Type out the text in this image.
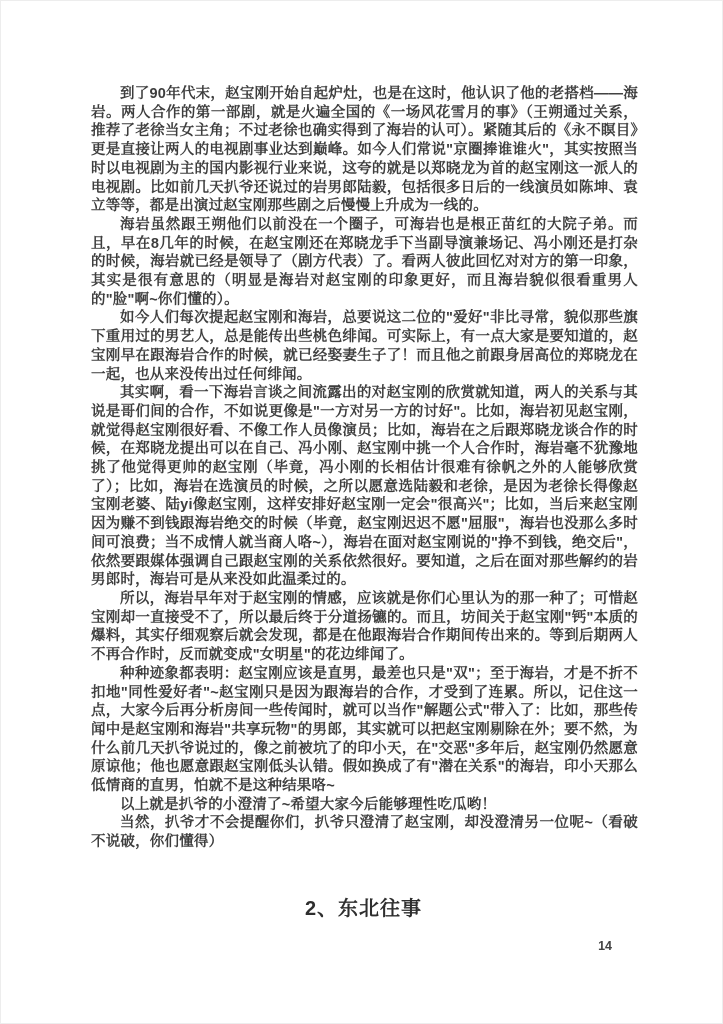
到了90年代末，赵宝刚开始自起炉灶，也是在这时，他认识了他的老搭档——海岩。两人合作的第一部剧，就是火遍全国的《一场风花雪月的事》（王朔通过关系，推荐了老徐当女主角；不过老徐也确实得到了海岩的认可）。紧随其后的《永不瞑目》更是直接让两人的电视剧事业达到巅峰。如今人们常说"京圈捧谁谁火"，其实按照当时以电视剧为主的国内影视行业来说，这夸的就是以郑晓龙为首的赵宝刚这一派人的电视剧。比如前几天扒爷还说过的岩男郎陆毅，包括很多日后的一线演员如陈坤、袁立等等，都是出演过赵宝刚那些剧之后慢慢上升成为一线的。

海岩虽然跟王朔他们以前没在一个圈子，可海岩也是根正苗红的大院子弟。而且，早在8几年的时候，在赵宝刚还在郑晓龙手下当副导演兼场记、冯小刚还是打杂的时候，海岩就已经是领导了（剧方代表）了。看两人彼此回忆对对方的第一印象，其实是很有意思的（明显是海岩对赵宝刚的印象更好，而且海岩貌似很看重男人的"脸"啊~你们懂的）。

如今人们每次提起赵宝刚和海岩，总要说这二位的"爱好"非比寻常，貌似那些旗下重用过的男艺人，总是能传出些桃色绯闻。可实际上，有一点大家是要知道的，赵宝刚早在跟海岩合作的时候，就已经娶妻生子了！而且他之前跟身居高位的郑晓龙在一起，也从来没传出过任何绯闻。

其实啊，看一下海岩言谈之间流露出的对赵宝刚的欣赏就知道，两人的关系与其说是哥们间的合作，不如说更像是"一方对另一方的讨好"。比如，海岩初见赵宝刚，就觉得赵宝刚很好看、不像工作人员像演员；比如，海岩在之后跟郑晓龙谈合作的时候，在郑晓龙提出可以在自己、冯小刚、赵宝刚中挑一个人合作时，海岩毫不犹豫地挑了他觉得更帅的赵宝刚（毕竟，冯小刚的长相估计很难有徐帆之外的人能够欣赏了）；比如，海岩在选演员的时候，之所以愿意选陆毅和老徐，是因为老徐长得像赵宝刚老婆、陆yi像赵宝刚，这样安排好赵宝刚一定会"很高兴"；比如，当后来赵宝刚因为赚不到钱跟海岩绝交的时候（毕竟，赵宝刚迟迟不愿"屈服"，海岩也没那么多时间可浪费；当不成情人就当商人咯~），海岩在面对赵宝刚说的"挣不到钱，绝交后"，依然要跟媒体强调自己跟赵宝刚的关系依然很好。要知道，之后在面对那些解约的岩男郎时，海岩可是从来没如此温柔过的。

所以，海岩早年对于赵宝刚的情感，应该就是你们心里认为的那一种了；可惜赵宝刚却一直接受不了，所以最后终于分道扬镳的。而且，坊间关于赵宝刚"钙"本质的爆料，其实仔细观察后就会发现，都是在他跟海岩合作期间传出来的。等到后期两人不再合作时，反而就变成"女明星"的花边绯闻了。

种种迹象都表明：赵宝刚应该是直男，最差也只是"双"；至于海岩，才是不折不扣地"同性爱好者"~赵宝刚只是因为跟海岩的合作，才受到了连累。所以，记住这一点，大家今后再分析房间一些传闻时，就可以当作"解题公式"带入了：比如，那些传闻中是赵宝刚和海岩"共享玩物"的男郎，其实就可以把赵宝刚剔除在外；要不然，为什么前几天扒爷说过的，像之前被坑了的印小天，在"交恶"多年后，赵宝刚仍然愿意原谅他；他也愿意跟赵宝刚低头认错。假如换成了有"潜在关系"的海岩，印小天那么低情商的直男，怕就不是这种结果咯~

以上就是扒爷的小澄清了~希望大家今后能够理性吃瓜哟！

当然，扒爷才不会提醒你们，扒爷只澄清了赵宝刚，却没澄清另一位呢~（看破不说破，你们懂得）

2、东北往事
14
